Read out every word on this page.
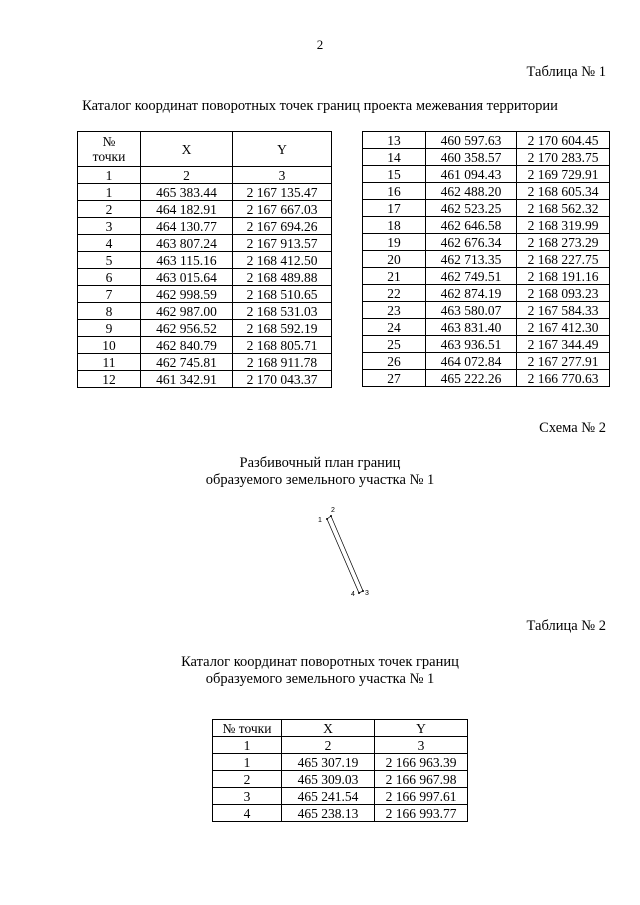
2
Таблица № 1
Каталог координат поворотных точек границ проекта межевания территории
№
точки	X	Y
1	2	3
1	465 383.44	2 167 135.47
2	464 182.91	2 167 667.03
3	464 130.77	2 167 694.26
4	463 807.24	2 167 913.57
5	463 115.16	2 168 412.50
6	463 015.64	2 168 489.88
7	462 998.59	2 168 510.65
8	462 987.00	2 168 531.03
9	462 956.52	2 168 592.19
10	462 840.79	2 168 805.71
11	462 745.81	2 168 911.78
12	461 342.91	2 170 043.37
13	460 597.63	2 170 604.45
14	460 358.57	2 170 283.75
15	461 094.43	2 169 729.91
16	462 488.20	2 168 605.34
17	462 523.25	2 168 562.32
18	462 646.58	2 168 319.99
19	462 676.34	2 168 273.29
20	462 713.35	2 168 227.75
21	462 749.51	2 168 191.16
22	462 874.19	2 168 093.23
23	463 580.07	2 167 584.33
24	463 831.40	2 167 412.30
25	463 936.51	2 167 344.49
26	464 072.84	2 167 277.91
27	465 222.26	2 166 770.63
Схема № 2
Разбивочный план границ
образуемого земельного участка № 1
1
2
3
4
Таблица № 2
Каталог координат поворотных точек границ
образуемого земельного участка № 1
№ точки	X	Y
1	2	3
1	465 307.19	2 166 963.39
2	465 309.03	2 166 967.98
3	465 241.54	2 166 997.61
4	465 238.13	2 166 993.77
